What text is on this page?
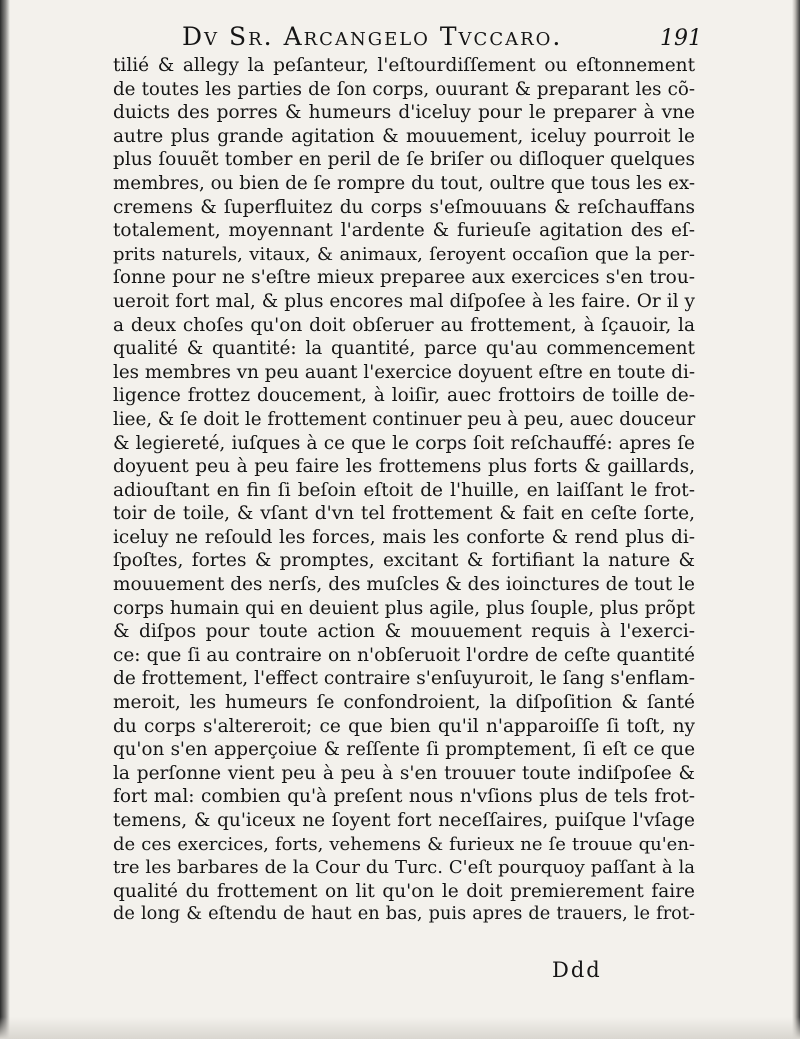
Dv Sr. Arcangelo Tvccaro.	191
tilié & allegy la peſanteur, l'eſtourdiſſement ou eſtonnement
de toutes les parties de ſon corps, ouurant & preparant les cõ-
duicts des porres & humeurs d'iceluy pour le preparer à vne
autre plus grande agitation & mouuement, iceluy pourroit le
plus ſouuẽt tomber en peril de ſe briſer ou diſloquer quelques
membres, ou bien de ſe rompre du tout, oultre que tous les ex-
cremens & ſuperfluitez du corps s'eſmouuans & reſchauffans
totalement, moyennant l'ardente & furieuſe agitation des eſ-
prits naturels, vitaux, & animaux, ſeroyent occaſion que la per-
ſonne pour ne s'eſtre mieux preparee aux exercices s'en trou-
ueroit fort mal, & plus encores mal diſpoſee à les faire. Or il y
a deux choſes qu'on doit obſeruer au frottement, à ſçauoir, la
qualité & quantité: la quantité, parce qu'au commencement
les membres vn peu auant l'exercice doyuent eſtre en toute di-
ligence frottez doucement, à loiſir, auec frottoirs de toille de-
liee, & ſe doit le frottement continuer peu à peu, auec douceur
& legiereté, iuſques à ce que le corps ſoit reſchauffé: apres ſe
doyuent peu à peu faire les frottemens plus forts & gaillards,
adiouſtant en fin ſi beſoin eſtoit de l'huille, en laiſſant le frot-
toir de toile, & vſant d'vn tel frottement & fait en ceſte ſorte,
iceluy ne reſould les forces, mais les conforte & rend plus di-
ſpoſtes, fortes & promptes, excitant & fortifiant la nature &
mouuement des nerſs, des muſcles & des ioinctures de tout le
corps humain qui en deuient plus agile, plus ſouple, plus prõpt
& diſpos pour toute action & mouuement requis à l'exerci-
ce: que ſi au contraire on n'obſeruoit l'ordre de ceſte quantité
de frottement, l'effect contraire s'enſuyuroit, le ſang s'enflam-
meroit, les humeurs ſe confondroient, la diſpoſition & ſanté
du corps s'altereroit; ce que bien qu'il n'apparoiſſe ſi toſt, ny
qu'on s'en apperçoiue & reſſente ſi promptement, ſi eſt ce que
la perſonne vient peu à peu à s'en trouuer toute indiſpoſee &
fort mal: combien qu'à preſent nous n'vſions plus de tels frot-
temens, & qu'iceux ne ſoyent fort neceſſaires, puiſque l'vſage
de ces exercices, forts, vehemens & furieux ne ſe trouue qu'en-
tre les barbares de la Cour du Turc. C'eſt pourquoy paſſant à la
qualité du frottement on lit qu'on le doit premierement faire
de long & eſtendu de haut en bas, puis apres de trauers, le frot-
Ddd
